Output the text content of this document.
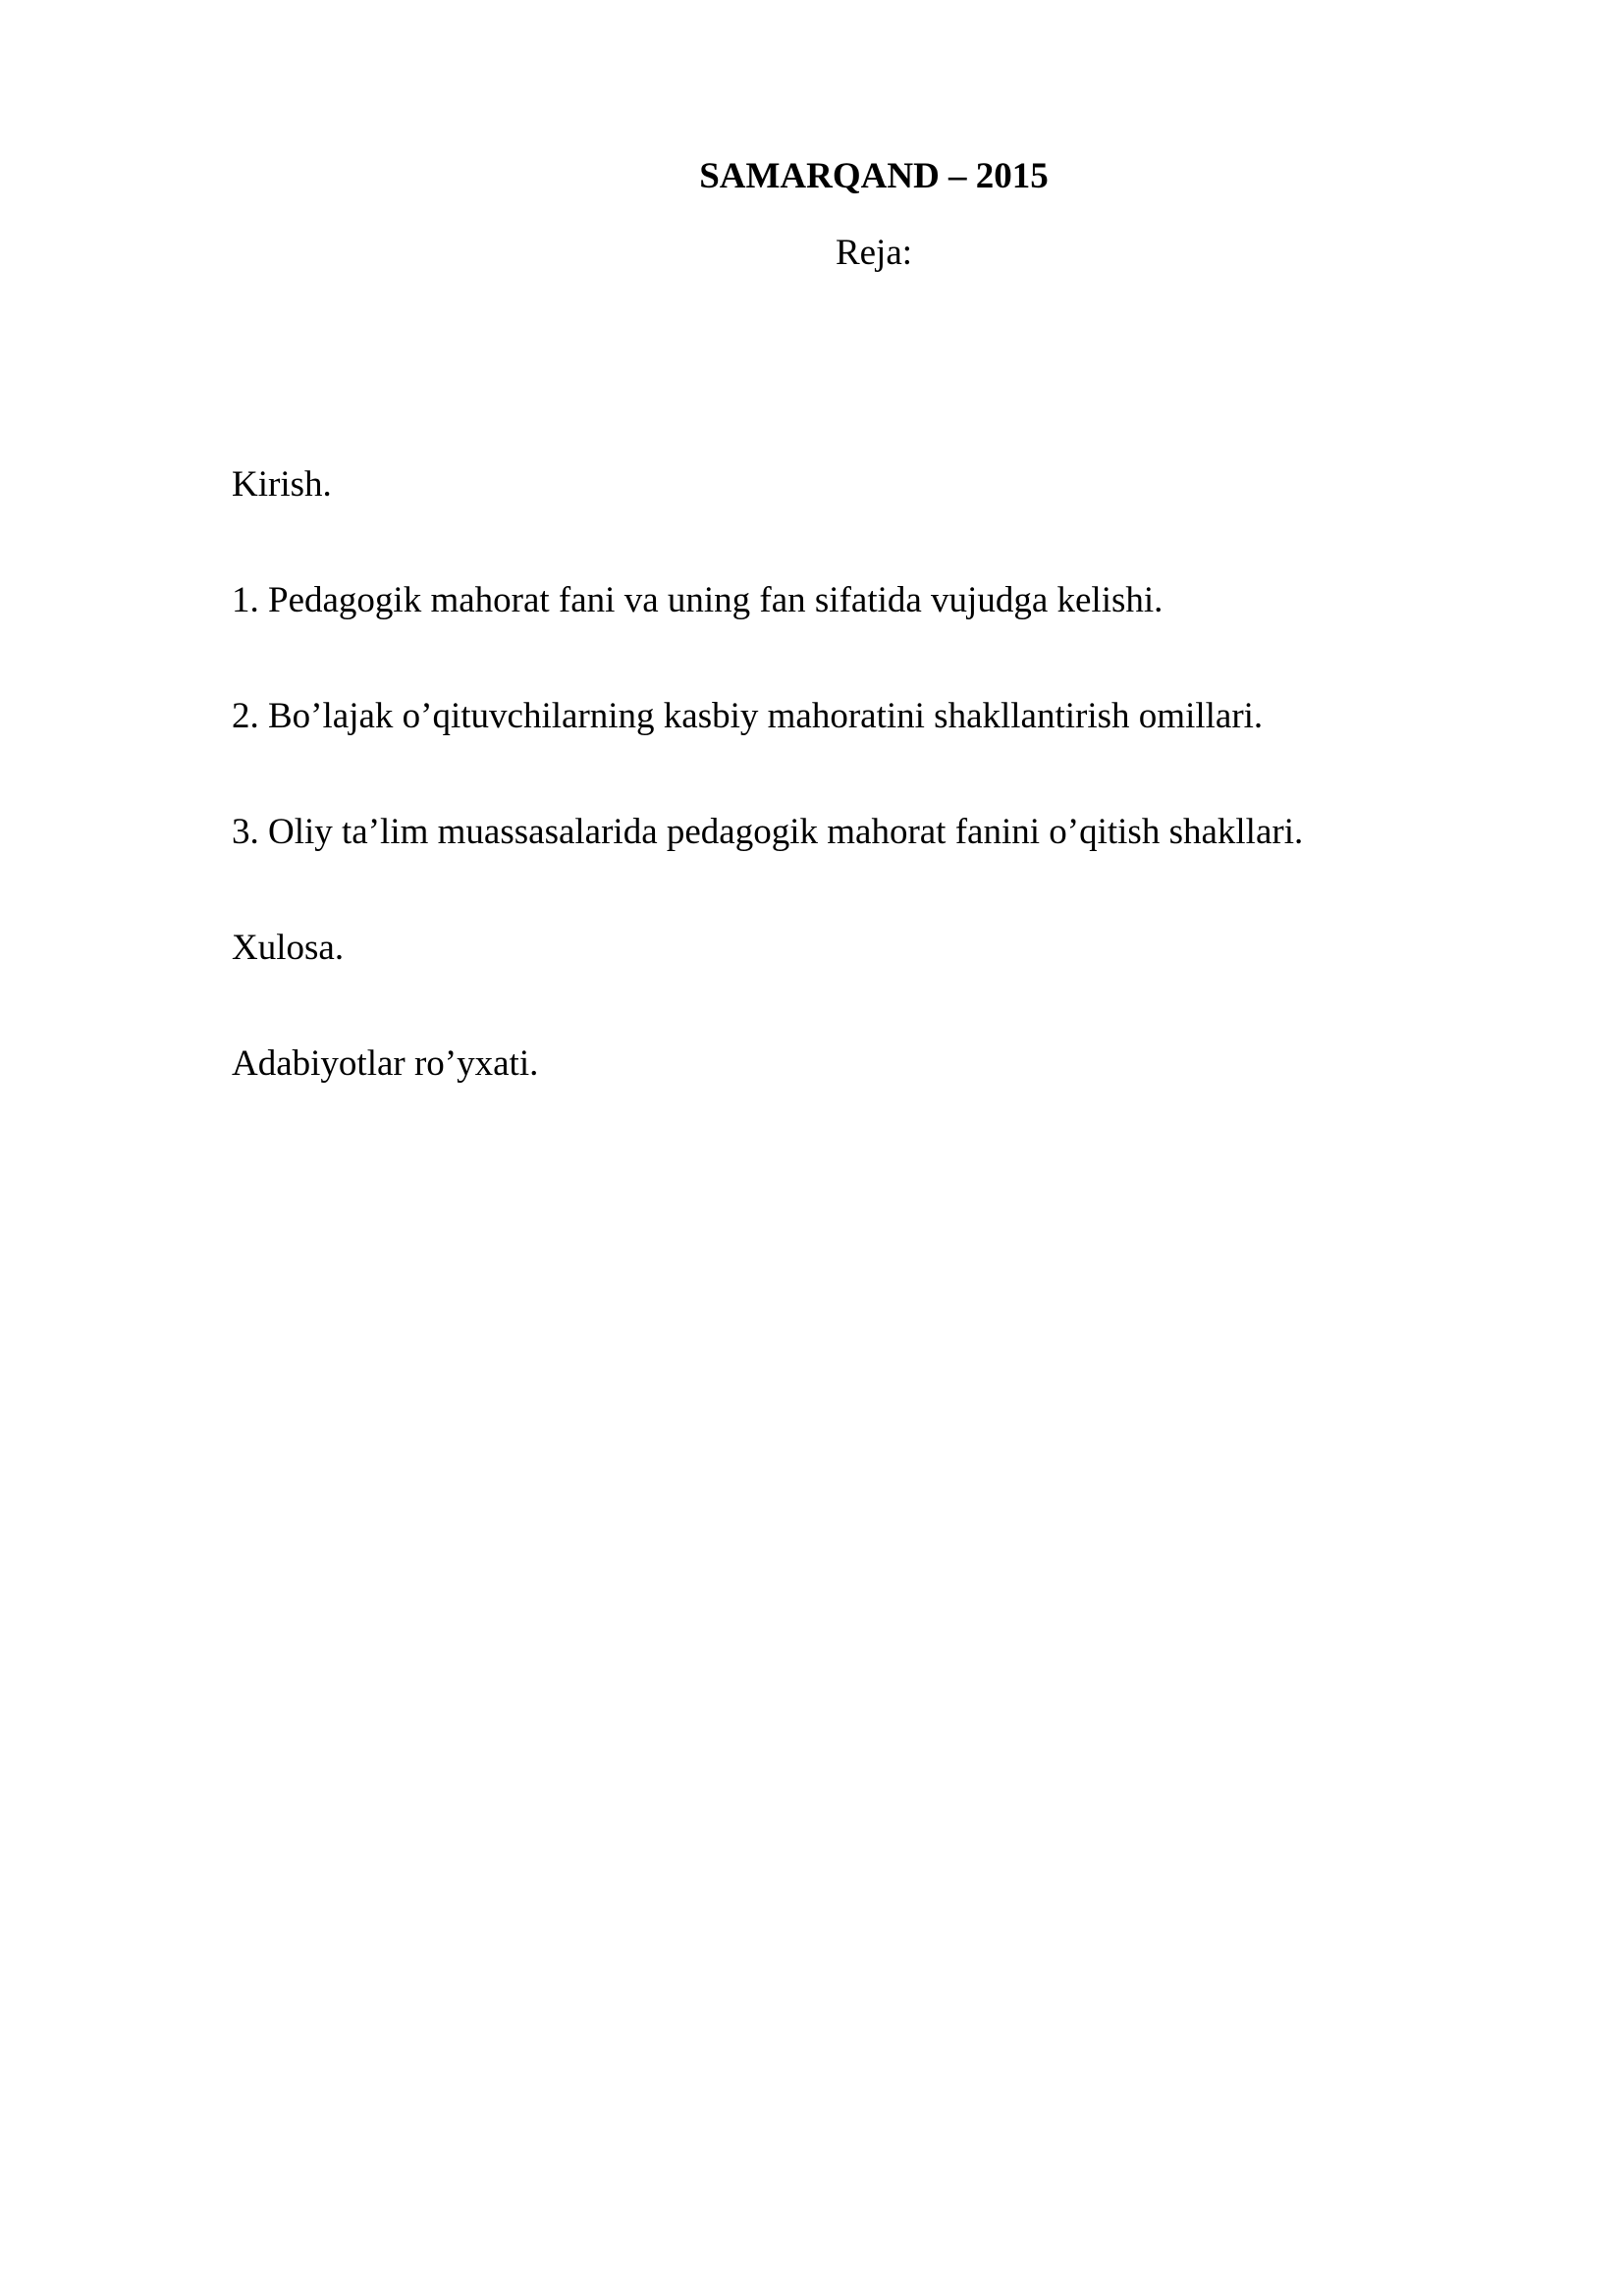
SAMARQAND – 2015
Reja:
Kirish.
1. Pedagogik mahorat fani va uning fan sifatida vujudga kelishi.
2. Bo’lajak o’qituvchilarning kasbiy mahoratini shakllantirish omillari.
3. Oliy ta’lim muassasalarida pedagogik mahorat fanini o’qitish shakllari.
Xulosa.
Adabiyotlar ro’yxati.
